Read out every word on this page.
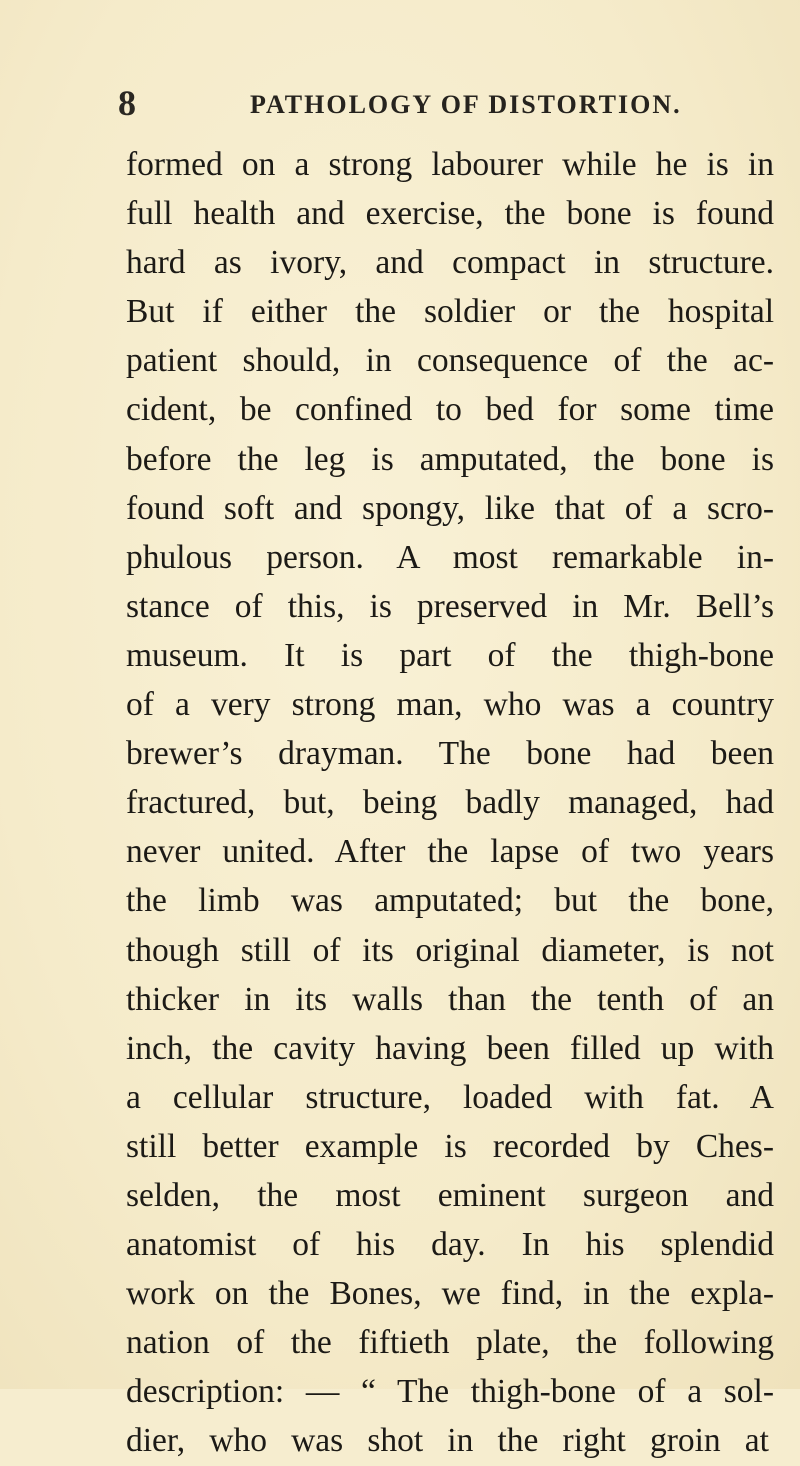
8	PATHOLOGY OF DISTORTION.
formed on a strong labourer while he is in
full health and exercise, the bone is found
hard as ivory, and compact in structure.
But if either the soldier or the hospital
patient should, in consequence of the ac-
cident, be confined to bed for some time
before the leg is amputated, the bone is
found soft and spongy, like that of a scro-
phulous person. A most remarkable in-
stance of this, is preserved in Mr. Bell’s
museum. It is part of the thigh-bone
of a very strong man, who was a country
brewer’s drayman. The bone had been
fractured, but, being badly managed, had
never united. After the lapse of two years
the limb was amputated; but the bone,
though still of its original diameter, is not
thicker in its walls than the tenth of an
inch, the cavity having been filled up with
a cellular structure, loaded with fat. A
still better example is recorded by Ches-
selden, the most eminent surgeon and
anatomist of his day. In his splendid
work on the Bones, we find, in the expla-
nation of the fiftieth plate, the following
description: — “ The thigh-bone of a sol-
dier, who was shot in the right groin at
